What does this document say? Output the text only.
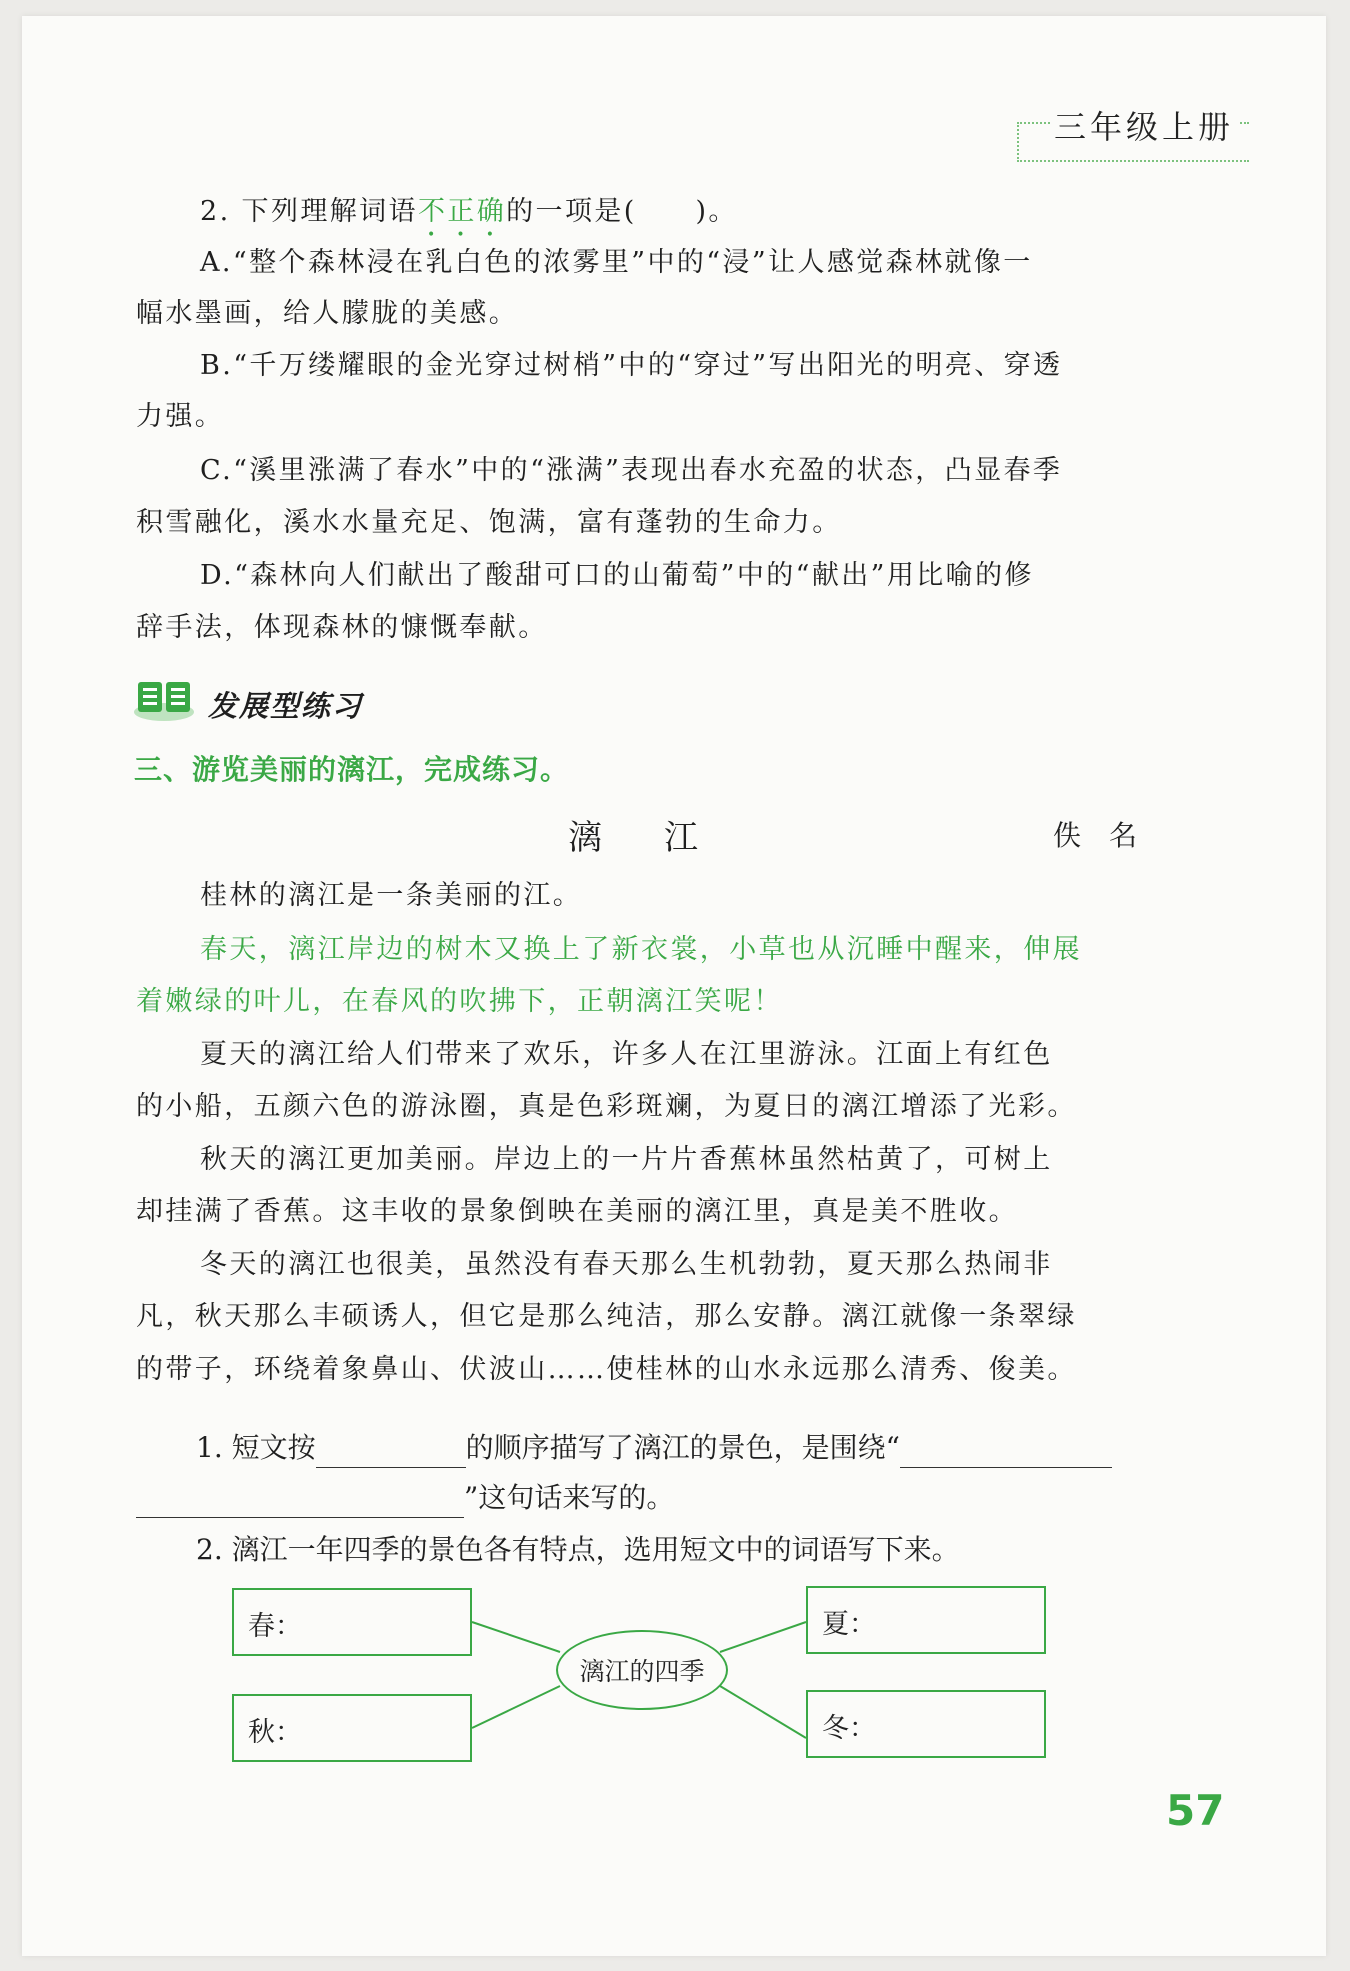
三年级上册
2. 下列理解词语不正确的一项是(　　)。
A.“整个森林浸在乳白色的浓雾里”中的“浸”让人感觉森林就像一
幅水墨画，给人朦胧的美感。
B.“千万缕耀眼的金光穿过树梢”中的“穿过”写出阳光的明亮、穿透
力强。
C.“溪里涨满了春水”中的“涨满”表现出春水充盈的状态，凸显春季
积雪融化，溪水水量充足、饱满，富有蓬勃的生命力。
D.“森林向人们献出了酸甜可口的山葡萄”中的“献出”用比喻的修
辞手法，体现森林的慷慨奉献。
发展型练习
三、游览美丽的漓江，完成练习。
漓江	佚名
桂林的漓江是一条美丽的江。
春天，漓江岸边的树木又换上了新衣裳，小草也从沉睡中醒来，伸展
着嫩绿的叶儿，在春风的吹拂下，正朝漓江笑呢！
夏天的漓江给人们带来了欢乐，许多人在江里游泳。江面上有红色
的小船，五颜六色的游泳圈，真是色彩斑斓，为夏日的漓江增添了光彩。
秋天的漓江更加美丽。岸边上的一片片香蕉林虽然枯黄了，可树上
却挂满了香蕉。这丰收的景象倒映在美丽的漓江里，真是美不胜收。
冬天的漓江也很美，虽然没有春天那么生机勃勃，夏天那么热闹非
凡，秋天那么丰硕诱人，但它是那么纯洁，那么安静。漓江就像一条翠绿
的带子，环绕着象鼻山、伏波山……使桂林的山水永远那么清秀、俊美。
1. 短文按	的顺序描写了漓江的景色，是围绕“
”这句话来写的。
2. 漓江一年四季的景色各有特点，选用短文中的词语写下来。
春：
秋：
夏：
冬：
漓江的四季
57
